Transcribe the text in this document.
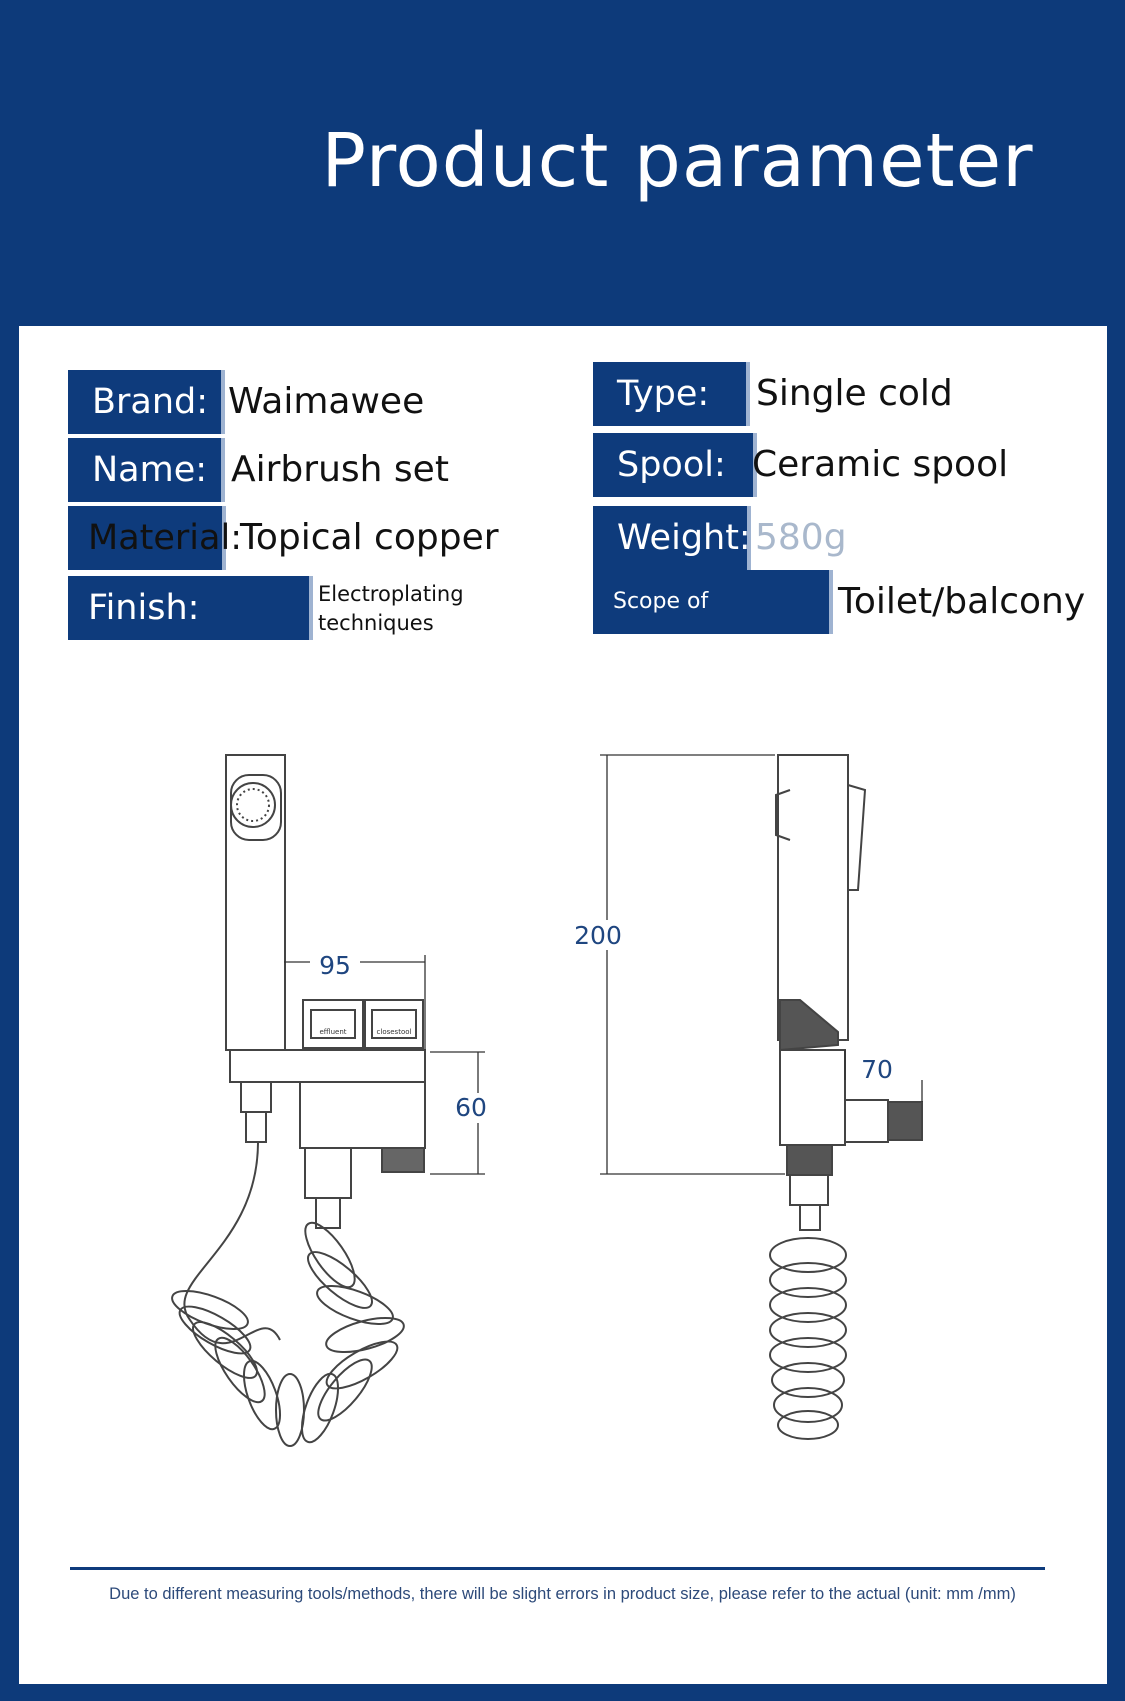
Product parameter
Brand: Waimawee
Name: Airbrush set
Material:
Topical copper
Finish:	Electroplating
techniques
Type:	Single cold
Spool: Ceramic spool
Weight: 580g
Scope of application:
Toilet/balcony
95
60
200
70
effluent	closestool
Due to different measuring tools/methods, there will be slight errors in product size, please refer to the actual (unit: mm /mm)
